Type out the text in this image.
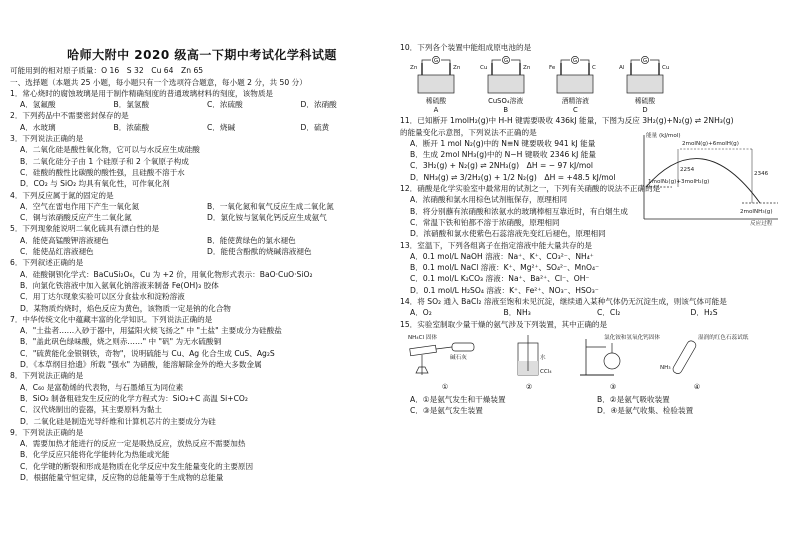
哈师大附中 2020 级高一下期中考试化学科试题
可能用到的相对原子质量：O 16　S 32　Cu 64　Zn 65
一、选择题（本题共 25 小题，每小题只有一个选项符合题意，每小题 2 分，共 50 分）
1．常心烧时的腐蚀玻璃是用于制作精确刻度的普通玻璃材料的刻度，该物质是
A．氢氟酸	B．氯氢酸	C．浓硫酸	D．浓硝酸
2．下列药品中不需要密封保存的是
A．水玻璃	B．浓硫酸	C．烧碱	D．硫黄
3．下列说法正确的是
A．二氧化硅是酸性氧化物，它可以与水反应生成硅酸
B．二氧化硅分子由 1 个硅原子和 2 个氧原子构成
C．硅酸的酸性比碳酸的酸性强，且硅酸不溶于水
D．CO₂ 与 SiO₂ 均具有氧化性，可作氧化剂
4．下列反应属于氮的固定的是
A．空气在雷电作用下产生一氧化氮	B．一氧化氮和氧气反应生成二氧化氮
C．铜与浓硝酸反应产生二氧化氮	D．氯化铵与氢氧化钙反应生成氨气
5．下列现象能说明二氧化硫具有漂白性的是
A．能使高锰酸钾溶液褪色	B．能使黄绿色的氯水褪色
C．能使品红溶液褪色	D．能使含酚酞的烧碱溶液褪色
6．下列叙述正确的是
A．硅酸铜钡化学式：BaCuSi₂O₆，Cu 为 +2 价，用氧化物形式表示：BaO·CuO·SiO₂
B．向氯化铁溶液中加入氨氧化钠溶液来制备 Fe(OH)₃ 胶体
C．用丁达尔现象实验可以区分食盐水和淀粉溶液
D．某物质灼烧时，焰色反应为黄色，该物质一定是钠的化合物
7．中华传统文化中蕴藏丰富的化学知识。下列说法正确的是
A．"土盐者……入砂于器中，用猛阳火候飞扬之" 中 "土盐" 主要成分为硅酸盐
B．"盖此矾色绿味酸，烧之则赤……" 中 "矾" 为无水硫酸铜
C．"硫黄能化金银钢铁，奇物"，说明硫能与 Cu、Ag 化合生成 CuS、Ag₂S
D．《本草纲目拾遗》所载 "强水" 为硝酸，能溶解除金外的绝大多数金属
8．下列说法正确的是
A．C₆₀ 是富勒烯的代表物，与石墨烯互为同位素
B．SiO₂ 制备粗硅发生反应的化学方程式为：SiO₂+C 高温 Si+CO₂
C．汉代烧制出的瓷器，其主要原料为黏土
D．二氧化硅是制造光导纤维和计算机芯片的主要成分为硅
9．下列说法正确的是
A．需要加热才能进行的反应一定是吸热反应，放热反应不需要加热
B．化学反应只能将化学能转化为热能或光能
C．化学键的断裂和形成是物质在化学反应中发生能量变化的主要原因
D．根据能量守恒定律，反应物的总能量等于生成物的总能量
10．下列各个装置中能组成原电池的是
G
Zn	Zn
稀硫酸
A
G
Cu	Zn
CuSO₄溶液
B
G
Fe	C
酒精溶液
C
G
Al	Cu
稀硫酸
D
11．已知断开 1molH₂(g)中 H-H 键需要吸收 436kJ 能量，下图为反应 3H₂(g)+N₂(g) ⇌ 2NH₃(g)
的能量变化示意图，下列说法不正确的是
A．断开 1 mol N₂(g)中的 N≡N 键要吸收 941 kJ 能量
B．生成 2mol NH₃(g)中的 N−H 键吸收 2346 kJ 能量
C．3H₂(g) + N₂(g) ⇌ 2NH₃(g)　ΔH = − 97 kJ/mol
D．NH₃(g) ⇌ 3/2H₂(g) + 1/2 N₂(g)　ΔH = +48.5 kJ/mol
能量 (kJ/mol)
2molN(g)+6molH(g)
1molN₂(g)+3molH₂(g)
2molNH₃(g)
2254
2346
反应过程
12．硝酸是化学实验室中最常用的试剂之一，下列有关硝酸的说法不正确的是
A．浓硝酸和氯水用棕色试剂瓶保存，原理相同
B．将分别蘸有浓硝酸和浓氨水的玻璃棒相互靠近时，有白烟生成
C．常温下铁和铂都不溶于浓硝酸，原理相同
D．浓硝酸和氯水使紫色石蕊溶液先变红后褪色，原理相同
13．室温下，下列各组离子在指定溶液中能大量共存的是
A．0.1 mol/L NaOH 溶液：Na⁺、K⁺、CO₃²⁻、NH₄⁺
B．0.1 mol/L NaCl 溶液：K⁺、Mg²⁺、SO₄²⁻、MnO₄⁻
C．0.1 mol/L K₂CO₃ 溶液：Na⁺、Ba²⁺、Cl⁻、OH⁻
D．0.1 mol/L H₂SO₄ 溶液：K⁺、Fe²⁺、NO₃⁻、HSO₃⁻
14．将 SO₂ 通入 BaCl₂ 溶液至饱和未见沉淀，继续通入某种气体仍无沉淀生成，则该气体可能是
A．O₂	B．NH₃	C．Cl₂	D．H₂S
15．实验室制取少量干燥的氨气涉及下列装置，其中正确的是
NH₄Cl 固体
碱石灰
①
水
CCl₄
②
氯化铵和氢氧化钙固体
③
NH₃
湿润的红色石蕊试纸
④
A．①是氨气发生和干燥装置	B．②是氨气吸收装置
C．③是氨气发生装置	D．④是氨气收集、检验装置
